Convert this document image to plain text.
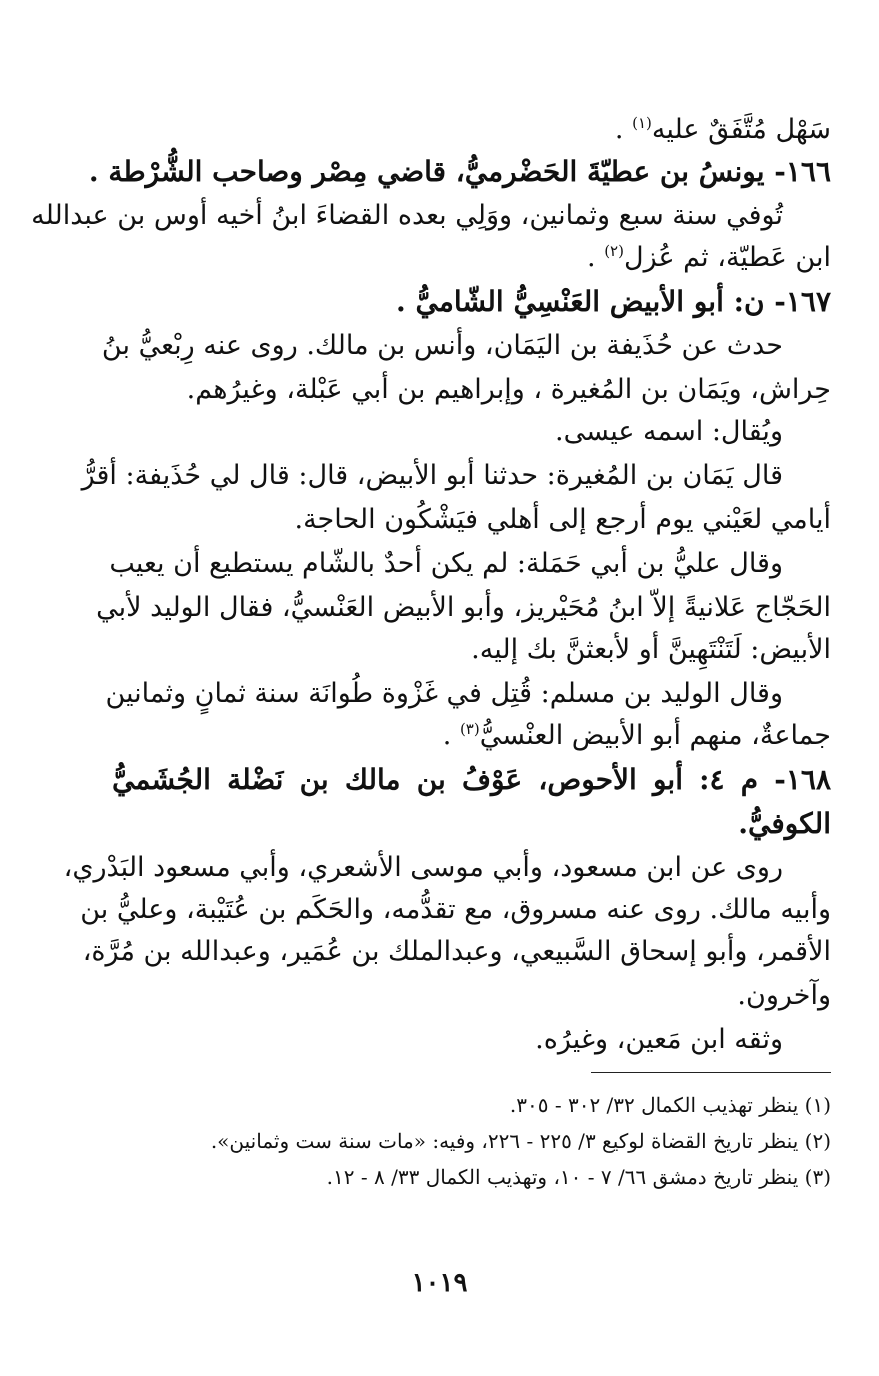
سَهْل مُتَّفَقٌ عليه$^{(١)}$ .
١٦٦- يونسُ بن عطيّةَ الحَضْرميُّ، قاضي مِصْر وصاحب الشُّرْطة .
تُوفي سنة سبع وثمانين، ووَلِي بعده القضاءَ ابنُ أخيه أوس بن عبدالله
ابن عَطيّة، ثم عُزل$^{(٢)}$ .
١٦٧- ن: أبو الأبيض العَنْسِيُّ الشّاميُّ .
حدث عن حُذَيفة بن اليَمَان، وأنس بن مالك. روى عنه رِبْعيُّ بنُ
حِراش، ويَمَان بن المُغيرة ، وإبراهيم بن أبي عَبْلة، وغيرُهم.
ويُقال: اسمه عيسى.
قال يَمَان بن المُغيرة: حدثنا أبو الأبيض، قال: قال لي حُذَيفة: أقرُّ
أيامي لعَيْني يوم أرجع إلى أهلي فيَشْكُون الحاجة.
وقال عليُّ بن أبي حَمَلة: لم يكن أحدٌ بالشّام يستطيع أن يعيب
الحَجّاج عَلانيةً إلاّ ابنُ مُحَيْريز، وأبو الأبيض العَنْسيُّ، فقال الوليد لأبي
الأبيض: لَتَنْتَهِينَّ أو لأبعثنَّ بك إليه.
وقال الوليد بن مسلم: قُتِل في غَزْوة طُوانَة سنة ثمانٍ وثمانين
جماعةٌ، منهم أبو الأبيض العنْسيُّ$^{(٣)}$ .
١٦٨- م ٤: أبو الأحوص، عَوْفُ بن مالك بن نَضْلة الجُشَميُّ
الكوفيُّ.
روى عن ابن مسعود، وأبي موسى الأشعري، وأبي مسعود البَدْري،
وأبيه مالك. روى عنه مسروق، مع تقدُّمه، والحَكَم بن عُتَيْبة، وعليُّ بن
الأقمر، وأبو إسحاق السَّبيعي، وعبدالملك بن عُمَير، وعبدالله بن مُرَّة،
وآخرون.
وثقه ابن مَعين، وغيرُه.
(١) ينظر تهذيب الكمال ٣٢/ ٣٠٢ - ٣٠٥.
(٢) ينظر تاريخ القضاة لوكيع ٣/ ٢٢٥ - ٢٢٦، وفيه: «مات سنة ست وثمانين».
(٣) ينظر تاريخ دمشق ٦٦/ ٧ - ١٠، وتهذيب الكمال ٣٣/ ٨ - ١٢.
١٠١٩
